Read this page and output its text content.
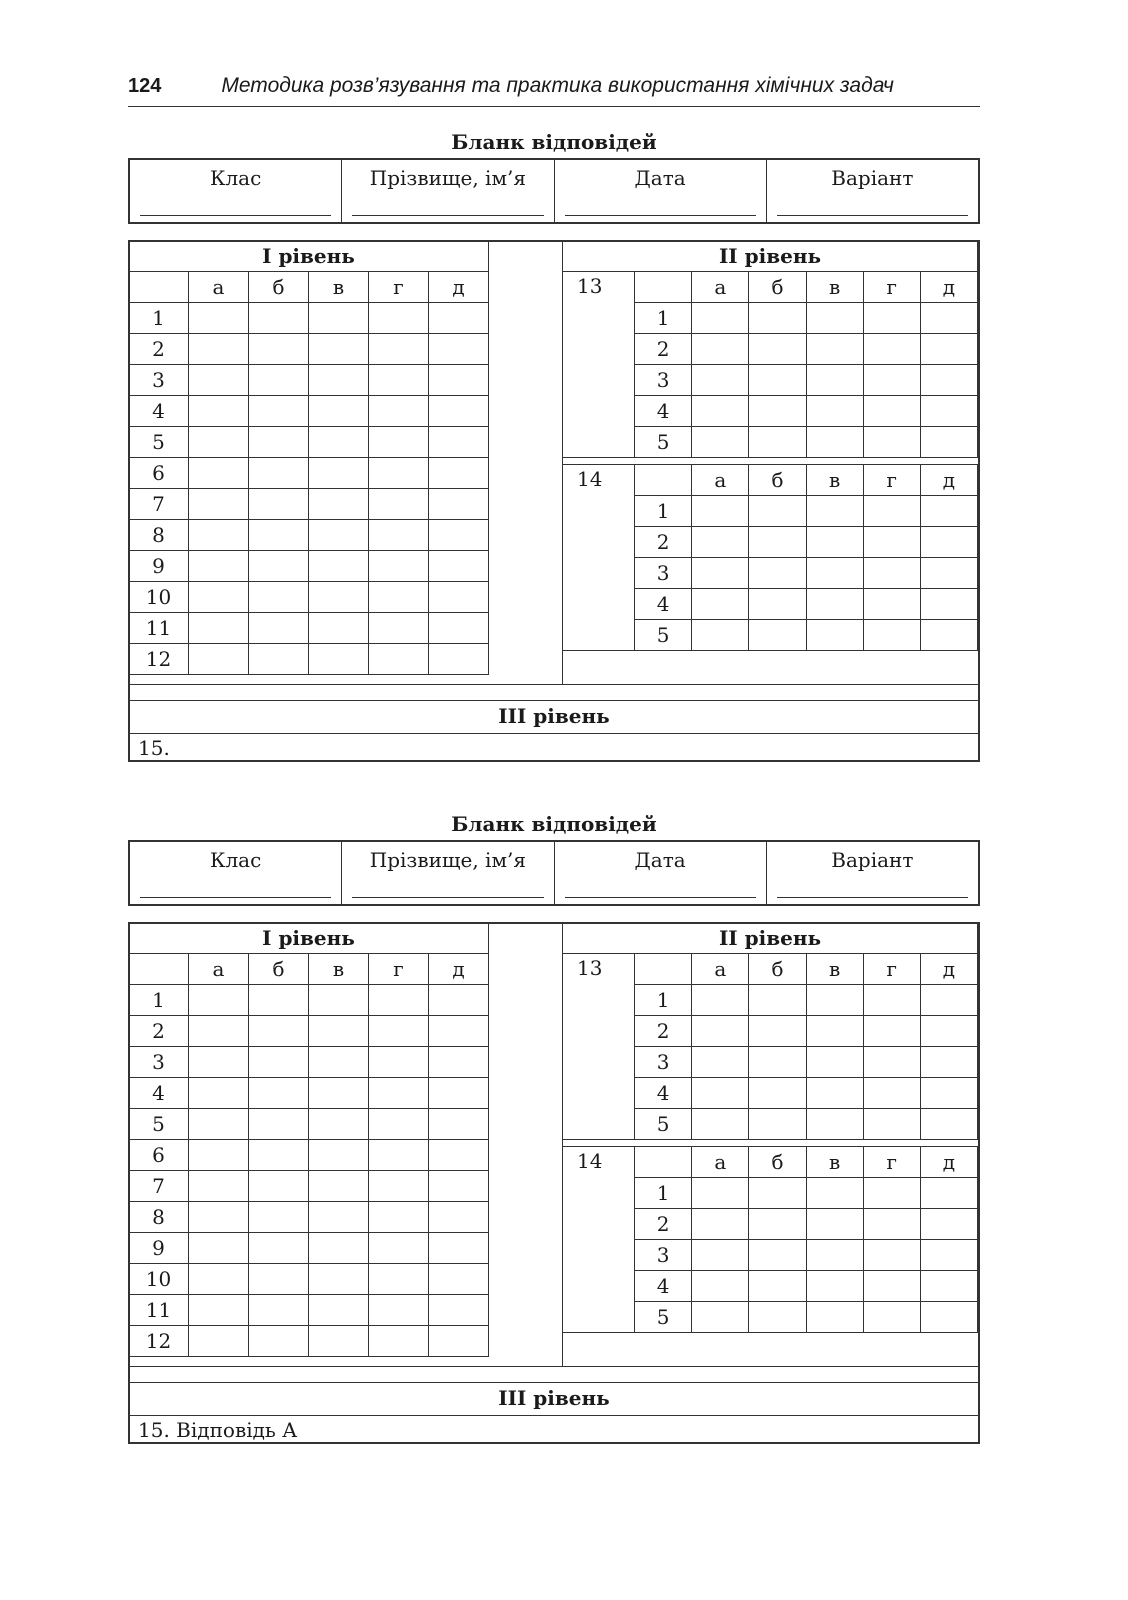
124	Методика розв’язування та практика використання хімічних задач
Бланк відповідей
Клас	Прізвище, ім’я	Дата	Варіант
І рівень					
	а	б	в	г	д
1					
2					
3					
4					
5					
6					
7					
8					
9					
10					
11					
12					
ІІ рівень						
13		а	б	в	г	д
	1					
	2					
	3					
	4					
	5					
14		а	б	в	г	д
	1					
	2					
	3					
	4					
	5					
ІІІ рівень
15.
Бланк відповідей
Клас	Прізвище, ім’я	Дата	Варіант
І рівень					
	а	б	в	г	д
1					
2					
3					
4					
5					
6					
7					
8					
9					
10					
11					
12					
ІІ рівень						
13		а	б	в	г	д
	1					
	2					
	3					
	4					
	5					
14		а	б	в	г	д
	1					
	2					
	3					
	4					
	5					
ІІІ рівень
15. Відповідь А
